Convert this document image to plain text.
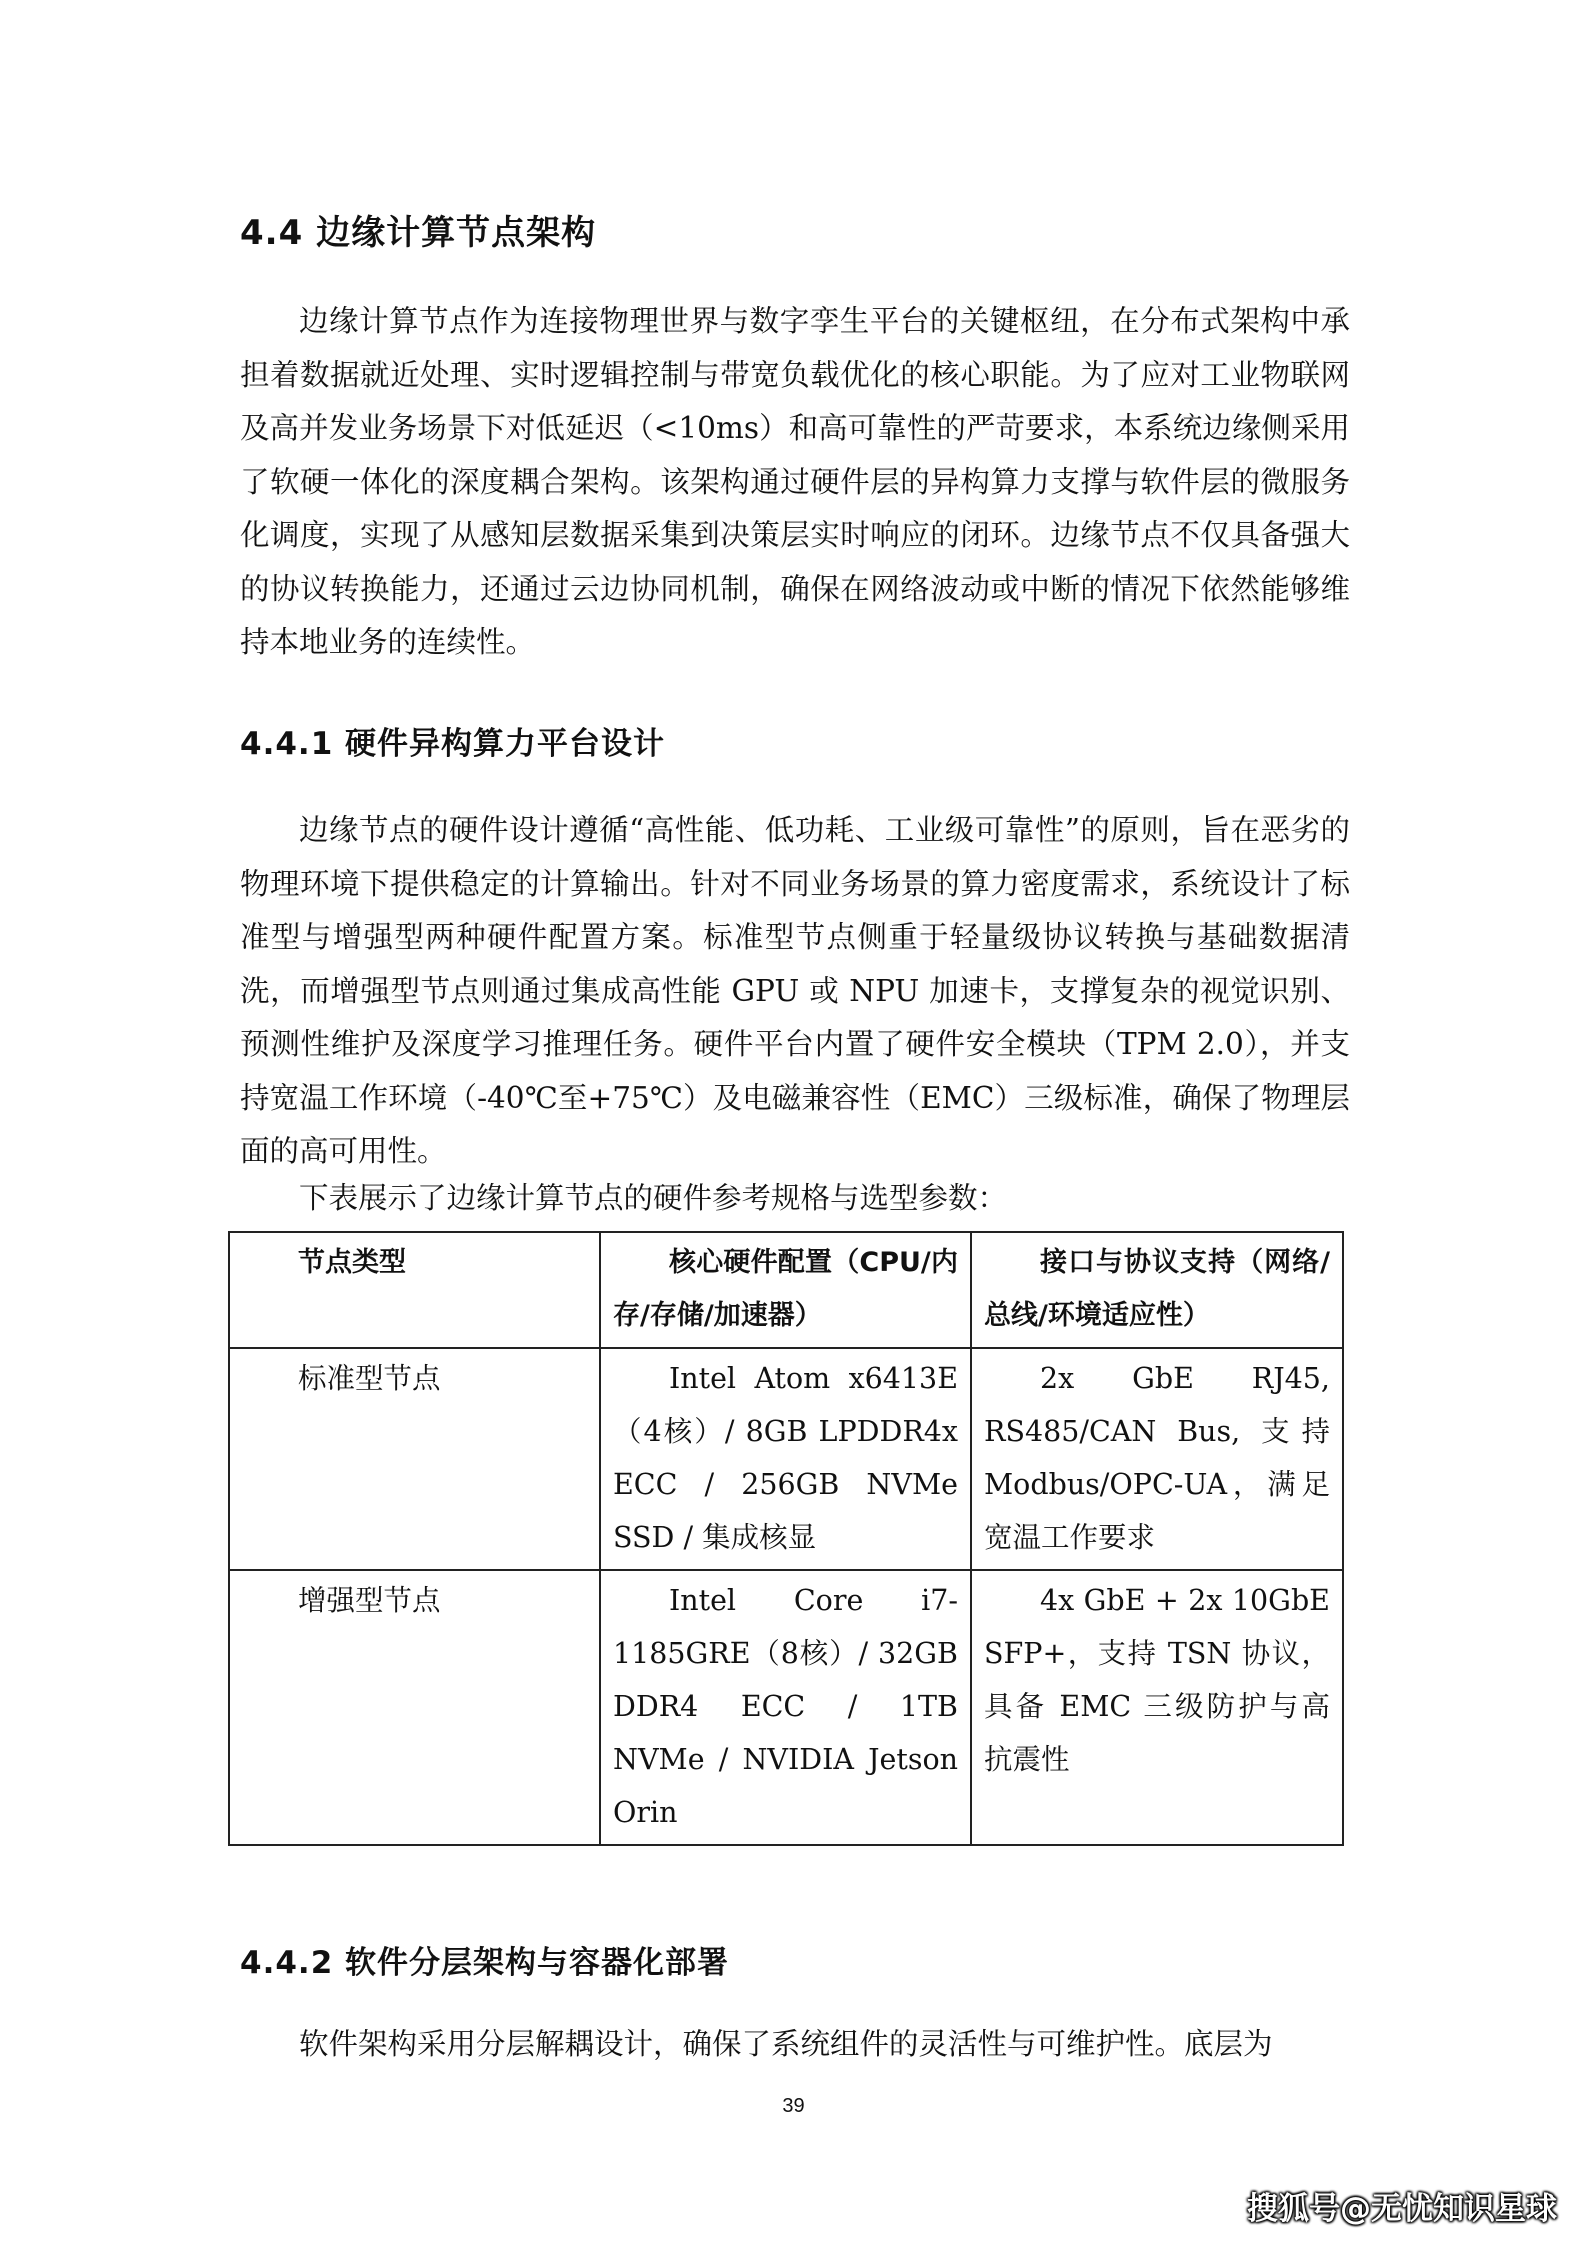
4.4 边缘计算节点架构

边缘计算节点作为连接物理世界与数字孪生平台的关键枢纽，在分布式架构中承担着数据就近处理、实时逻辑控制与带宽负载优化的核心职能。为了应对工业物联网及高并发业务场景下对低延迟（<10ms）和高可靠性的严苛要求，本系统边缘侧采用了软硬一体化的深度耦合架构。该架构通过硬件层的异构算力支撑与软件层的微服务化调度，实现了从感知层数据采集到决策层实时响应的闭环。边缘节点不仅具备强大的协议转换能力，还通过云边协同机制，确保在网络波动或中断的情况下依然能够维持本地业务的连续性。

4.4.1 硬件异构算力平台设计

边缘节点的硬件设计遵循“高性能、低功耗、工业级可靠性”的原则，旨在恶劣的物理环境下提供稳定的计算输出。针对不同业务场景的算力密度需求，系统设计了标准型与增强型两种硬件配置方案。标准型节点侧重于轻量级协议转换与基础数据清洗，而增强型节点则通过集成高性能 GPU 或 NPU 加速卡，支撑复杂的视觉识别、预测性维护及深度学习推理任务。硬件平台内置了硬件安全模块（TPM 2.0），并支持宽温工作环境（-40℃至+75℃）及电磁兼容性（EMC）三级标准，确保了物理层面的高可用性。

下表展示了边缘计算节点的硬件参考规格与选型参数：
节点类型	核心硬件配置（CPU/内存/存储/加速器）	接口与协议支持（网络/总线/环境适应性）
标准型节点	Intel Atom x6413E（4核）/ 8GB LPDDR4x ECC / 256GB NVMe SSD / 集成核显	2x GbE RJ45, RS485/CAN Bus, 支持 Modbus/OPC-UA，满足宽温工作要求
增强型节点	Intel Core i7-1185GRE（8核）/ 32GB DDR4 ECC / 1TB NVMe / NVIDIA Jetson Orin	4x GbE + 2x 10GbE SFP+，支持 TSN 协议，具备 EMC 三级防护与高抗震性
4.4.2 软件分层架构与容器化部署

软件架构采用分层解耦设计，确保了系统组件的灵活性与可维护性。底层为

39
搜狐号@无忧知识星球
